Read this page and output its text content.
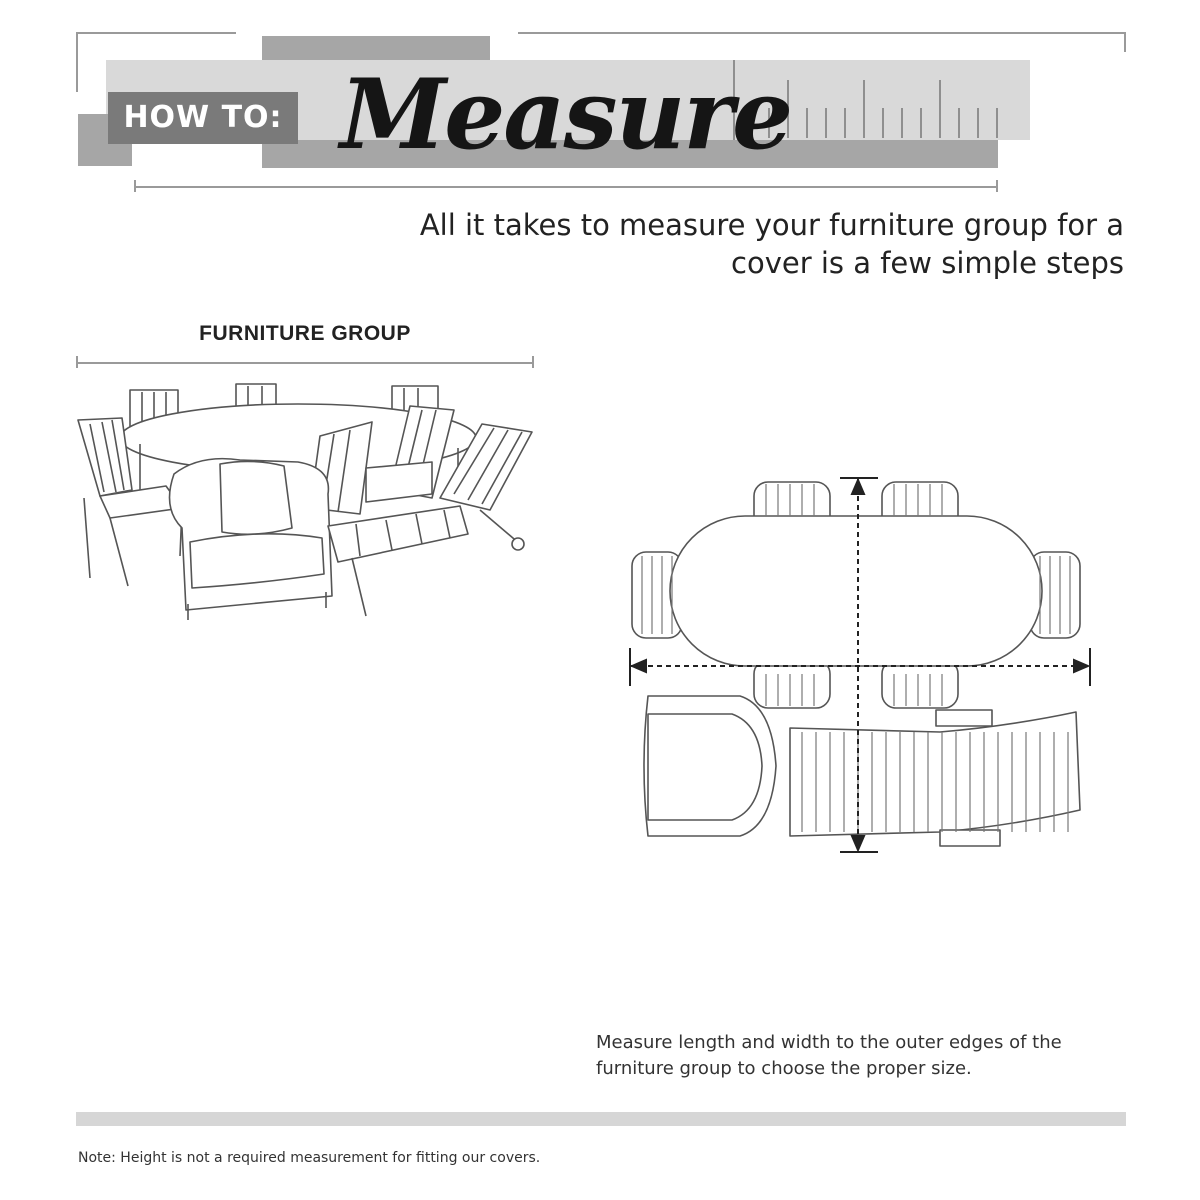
HOW TO: Measure
All it takes to measure your furniture group for a
cover is a few simple steps
FURNITURE GROUP
Measure length and width to the outer edges of the
furniture group to choose the proper size.
Note: Height is not a required measurement for fitting our covers.
